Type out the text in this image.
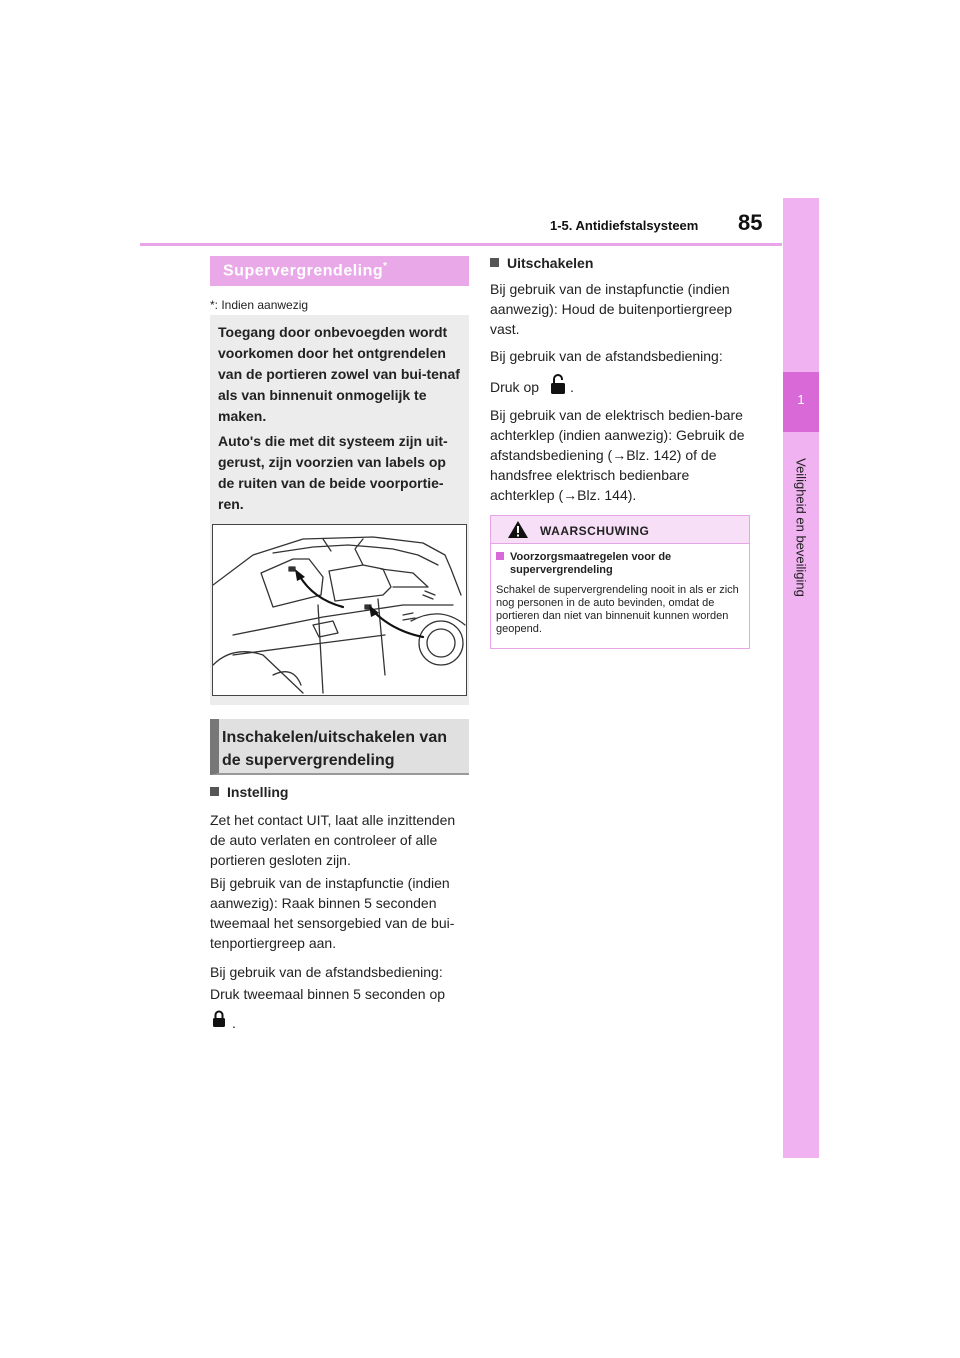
1-5. Antidiefstalsysteem 85
1
Veiligheid en beveiliging
Supervergrendeling*
*: Indien aanwezig

Toegang door onbevoegden wordt voorkomen door het ontgrendelen van de portieren zowel van bui-tenaf als van binnenuit onmogelijk te maken.

Auto's die met dit systeem zijn uit-gerust, zijn voorzien van labels op de ruiten van de beide voorportie-ren.

Inschakelen/uitschakelen van de supervergrendeling
Instelling

Zet het contact UIT, laat alle inzittenden de auto verlaten en controleer of alle portieren gesloten zijn.

Bij gebruik van de instapfunctie (indien aanwezig): Raak binnen 5 seconden tweemaal het sensorgebied van de bui-tenportiergreep aan.

Bij gebruik van de afstandsbediening:

Druk tweemaal binnen 5 seconden op

.

Uitschakelen

Bij gebruik van de instapfunctie (indien aanwezig): Houd de buitenportiergreep vast.

Bij gebruik van de afstandsbediening:

Druk op	.

Bij gebruik van de elektrisch bedien-bare achterklep (indien aanwezig): Gebruik de afstandsbediening (→Blz. 142) of de handsfree elektrisch bedienbare achterklep (→Blz. 144).

WAARSCHUWING
Voorzorgsmaatregelen voor de supervergrendeling
Schakel de supervergrendeling nooit in als er zich nog personen in de auto bevinden, omdat de portieren dan niet van binnenuit kunnen worden geopend.
